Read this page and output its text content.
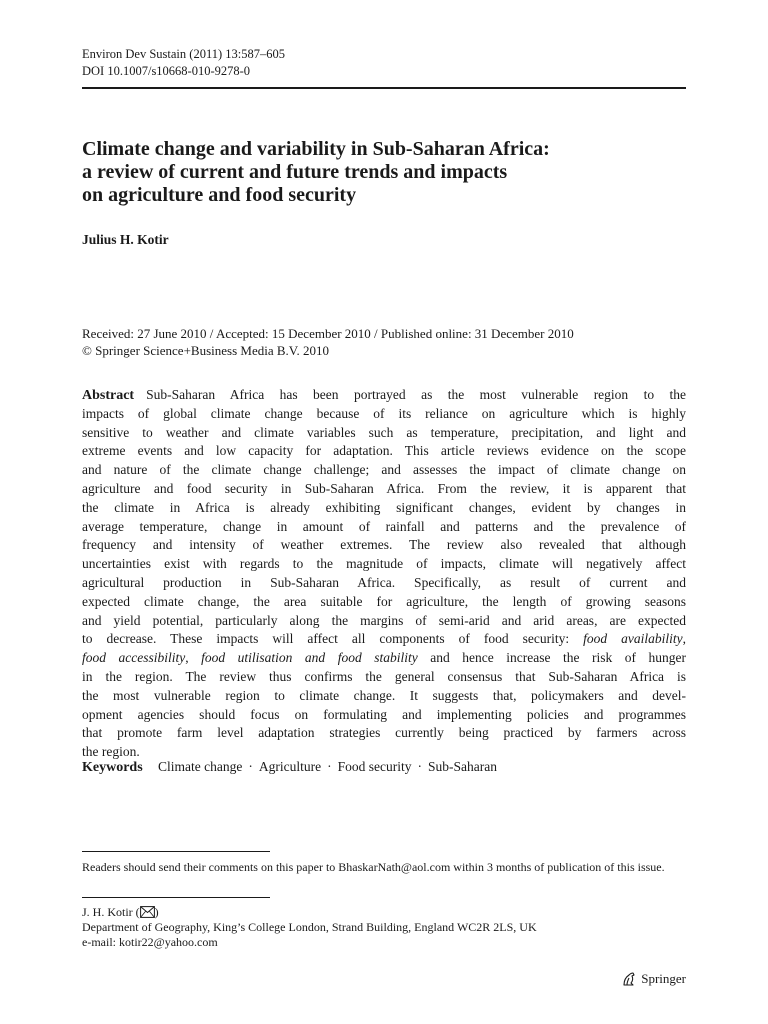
Environ Dev Sustain (2011) 13:587–605
DOI 10.1007/s10668-010-9278-0
Climate change and variability in Sub-Saharan Africa:
a review of current and future trends and impacts
on agriculture and food security
Julius H. Kotir
Received: 27 June 2010 / Accepted: 15 December 2010 / Published online: 31 December 2010
© Springer Science+Business Media B.V. 2010
Abstract Sub-Saharan Africa has been portrayed as the most vulnerable region to the
impacts of global climate change because of its reliance on agriculture which is highly
sensitive to weather and climate variables such as temperature, precipitation, and light and
extreme events and low capacity for adaptation. This article reviews evidence on the scope
and nature of the climate change challenge; and assesses the impact of climate change on
agriculture and food security in Sub-Saharan Africa. From the review, it is apparent that
the climate in Africa is already exhibiting significant changes, evident by changes in
average temperature, change in amount of rainfall and patterns and the prevalence of
frequency and intensity of weather extremes. The review also revealed that although
uncertainties exist with regards to the magnitude of impacts, climate will negatively affect
agricultural production in Sub-Saharan Africa. Specifically, as result of current and
expected climate change, the area suitable for agriculture, the length of growing seasons
and yield potential, particularly along the margins of semi-arid and arid areas, are expected
to decrease. These impacts will affect all components of food security: food availability,
food accessibility, food utilisation and food stability and hence increase the risk of hunger
in the region. The review thus confirms the general consensus that Sub-Saharan Africa is
the most vulnerable region to climate change. It suggests that, policymakers and devel-
opment agencies should focus on formulating and implementing policies and programmes
that promote farm level adaptation strategies currently being practiced by farmers across
the region.
Keywords Climate change · Agriculture · Food security · Sub-Saharan
Readers should send their comments on this paper to BhaskarNath@aol.com within 3 months of publication of this issue.
J. H. Kotir ( )
Department of Geography, King’s College London, Strand Building, England WC2R 2LS, UK
e-mail: kotir22@yahoo.com
Springer
